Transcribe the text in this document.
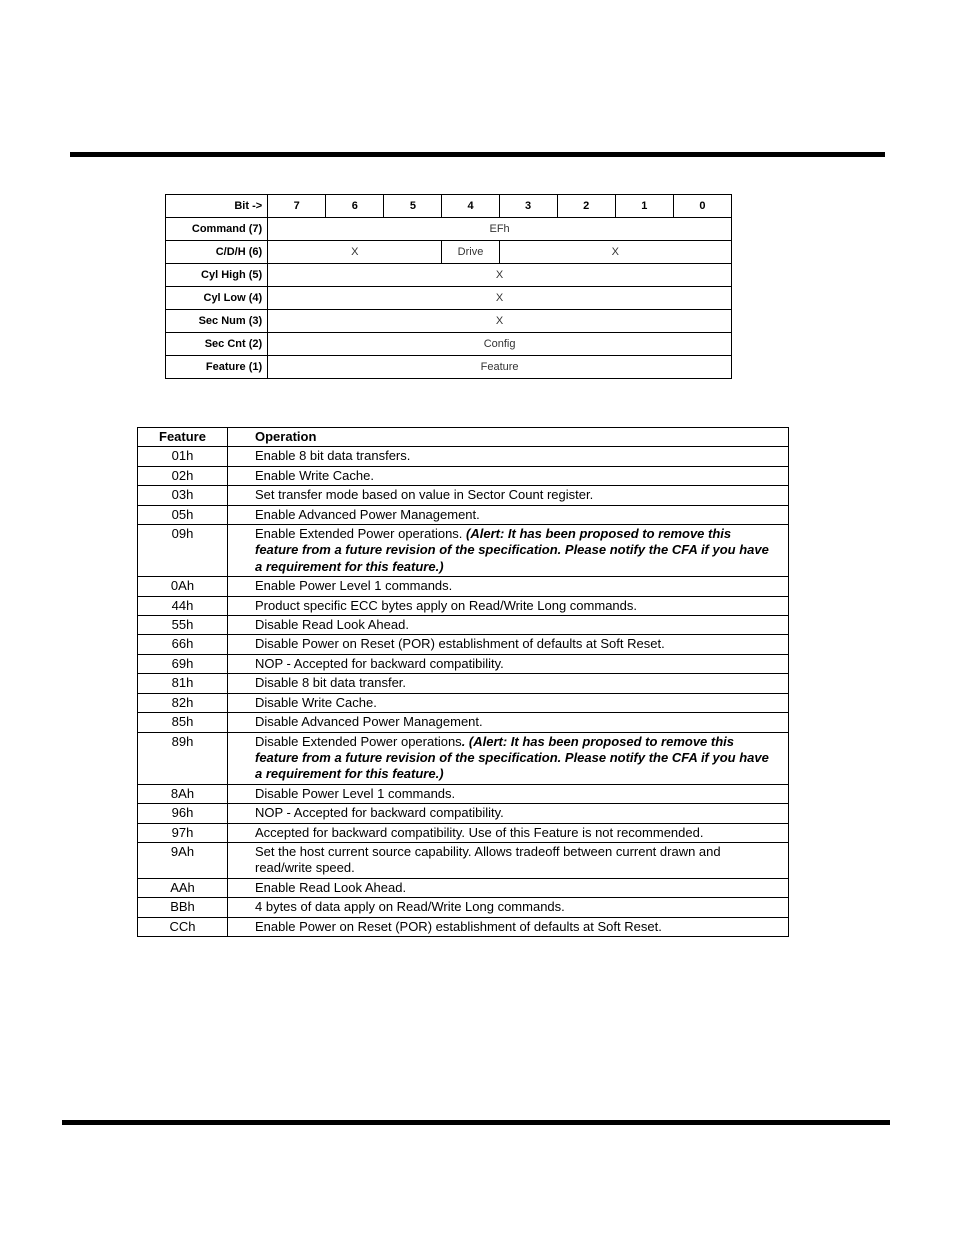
Bit ->	7	6	5	4	3	2	1	0
Command (7)	EFh							
C/D/H (6)	X			Drive	X			
Cyl High (5)	X							
Cyl Low (4)	X							
Sec Num (3)	X							
Sec Cnt (2)	Config							
Feature (1)	Feature							
Feature	Operation
01h	Enable 8 bit data transfers.
02h	Enable Write Cache.
03h	Set transfer mode based on value in Sector Count register.
05h	Enable Advanced Power Management.
09h	Enable Extended Power operations. (Alert: It has been proposed to remove this feature from a future revision of the specification. Please notify the CFA if you have a requirement for this feature.)
0Ah	Enable Power Level 1 commands.
44h	Product specific ECC bytes apply on Read/Write Long commands.
55h	Disable Read Look Ahead.
66h	Disable Power on Reset (POR) establishment of defaults at Soft Reset.
69h	NOP - Accepted for backward compatibility.
81h	Disable 8 bit data transfer.
82h	Disable Write Cache.
85h	Disable Advanced Power Management.
89h	Disable Extended Power operations. (Alert: It has been proposed to remove this feature from a future revision of the specification. Please notify the CFA if you have a requirement for this feature.)
8Ah	Disable Power Level 1 commands.
96h	NOP - Accepted for backward compatibility.
97h	Accepted for backward compatibility. Use of this Feature is not recommended.
9Ah	Set the host current source capability. Allows tradeoff between current drawn and read/write speed.
AAh	Enable Read Look Ahead.
BBh	4 bytes of data apply on Read/Write Long commands.
CCh	Enable Power on Reset (POR) establishment of defaults at Soft Reset.
